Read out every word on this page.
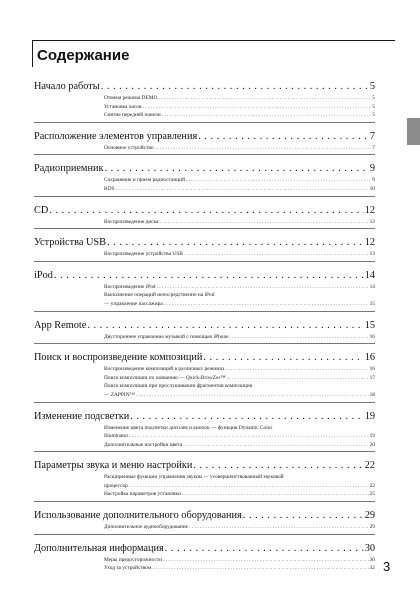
Содержание
Начало работы . . .	5
Отмена режима DEMO . . .	5
Установка часов . . .	5
Снятие передней панели . . .	5
Расположение элементов управления . . .	7
Основное устройство . . .	7
Радиоприемник . . .	9
Сохранение и прием радиостанций . . .	9
RDS . . .	10
CD . . .	12
Воспроизведение диска . . .	12
Устройства USB . . .	12
Воспроизведение устройства USB . . .	13
iPod . . .	14
Воспроизведение iPod . . .	14
Выполнение операций непосредственно на iPod
— управление пассажира . . .	15
App Remote . . .	15
Двустороннее управление музыкой с помощью iPhone . . .	16
Поиск и воспроизведение композиций . . .	16
Воспроизведение композиций в различных режимах . . .	16
Поиск композиции по названию — Quick-BrowZer™ . . .	17
Поиск композиции при прослушивании фрагментов композиции
— ZAPPIN™ . . .	18
Изменение подсветки . . .	19
Изменение цвета подсветки дисплея и кнопок — функция Dynamic Color
Illuminator . . .	19
Дополнительные настройки цвета . . .	20
Параметры звука и меню настройки . . .	22
Расширенные функции управления звуком — усовершенствованный звуковой
процессор . . .	22
Настройка параметров установки . . .	25
Использование дополнительного оборудования . . .	29
Дополнительное аудиооборудование . . .	29
Дополнительная информация . . .	30
Меры предосторожности . . .	30
Уход за устройством . . .	32 3
